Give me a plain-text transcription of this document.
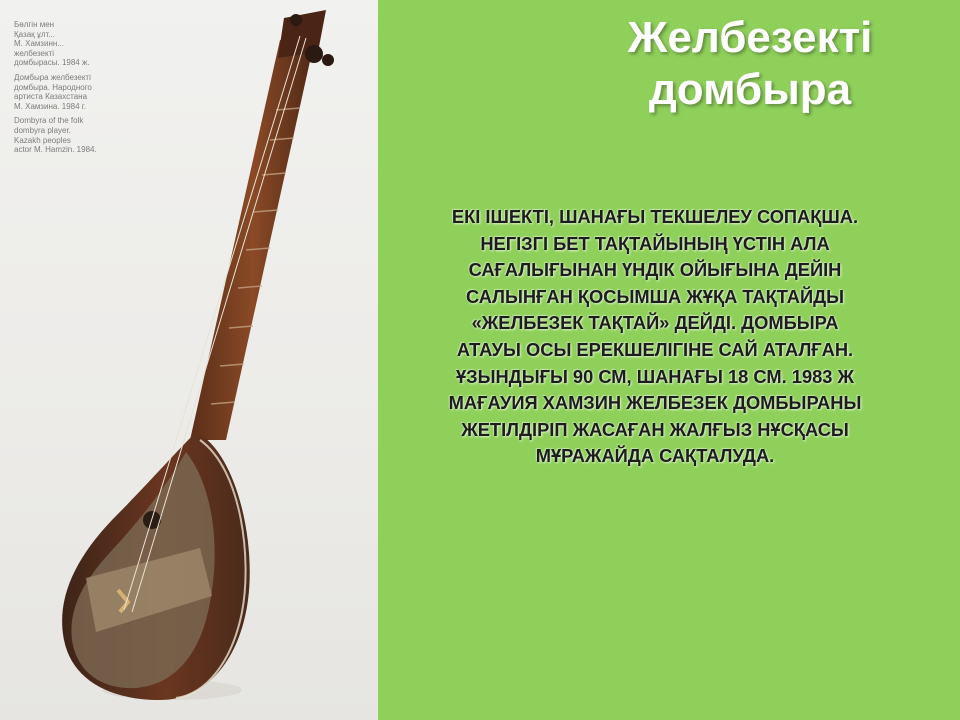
Бөлгін мен
Қазақ ұлт...
М. Хамзинн...
желбезекті
домбырасы. 1984 ж.

Домбыра желбезекті
домбыра. Народного
артиста Казахстана
М. Хамзина. 1984 г.

Dombyra of the folk
dombyra player.
Kazakh peoples
actor M. Hamzin. 1984.

Желбезекті
домбыра
ЕКІ ІШЕКТІ, ШАНАҒЫ ТЕКШЕЛЕУ СОПАҚША.
НЕГІЗГІ БЕТ ТАҚТАЙЫНЫҢ ҮСТІН АЛА
САҒАЛЫҒЫНАН ҮНДІК ОЙЫҒЫНА ДЕЙІН
САЛЫНҒАН ҚОСЫМША ЖҰҚА ТАҚТАЙДЫ
«ЖЕЛБЕЗЕК ТАҚТАЙ» ДЕЙДІ. ДОМБЫРА
АТАУЫ ОСЫ ЕРЕКШЕЛІГІНЕ САЙ АТАЛҒАН.
ҰЗЫНДЫҒЫ 90 СМ, ШАНАҒЫ 18 СМ. 1983 Ж
МАҒАУИЯ ХАМЗИН ЖЕЛБЕЗЕК ДОМБЫРАНЫ
ЖЕТІЛДІРІП ЖАСАҒАН ЖАЛҒЫЗ НҰСҚАСЫ
МҰРАЖАЙДА САҚТАЛУДА.
